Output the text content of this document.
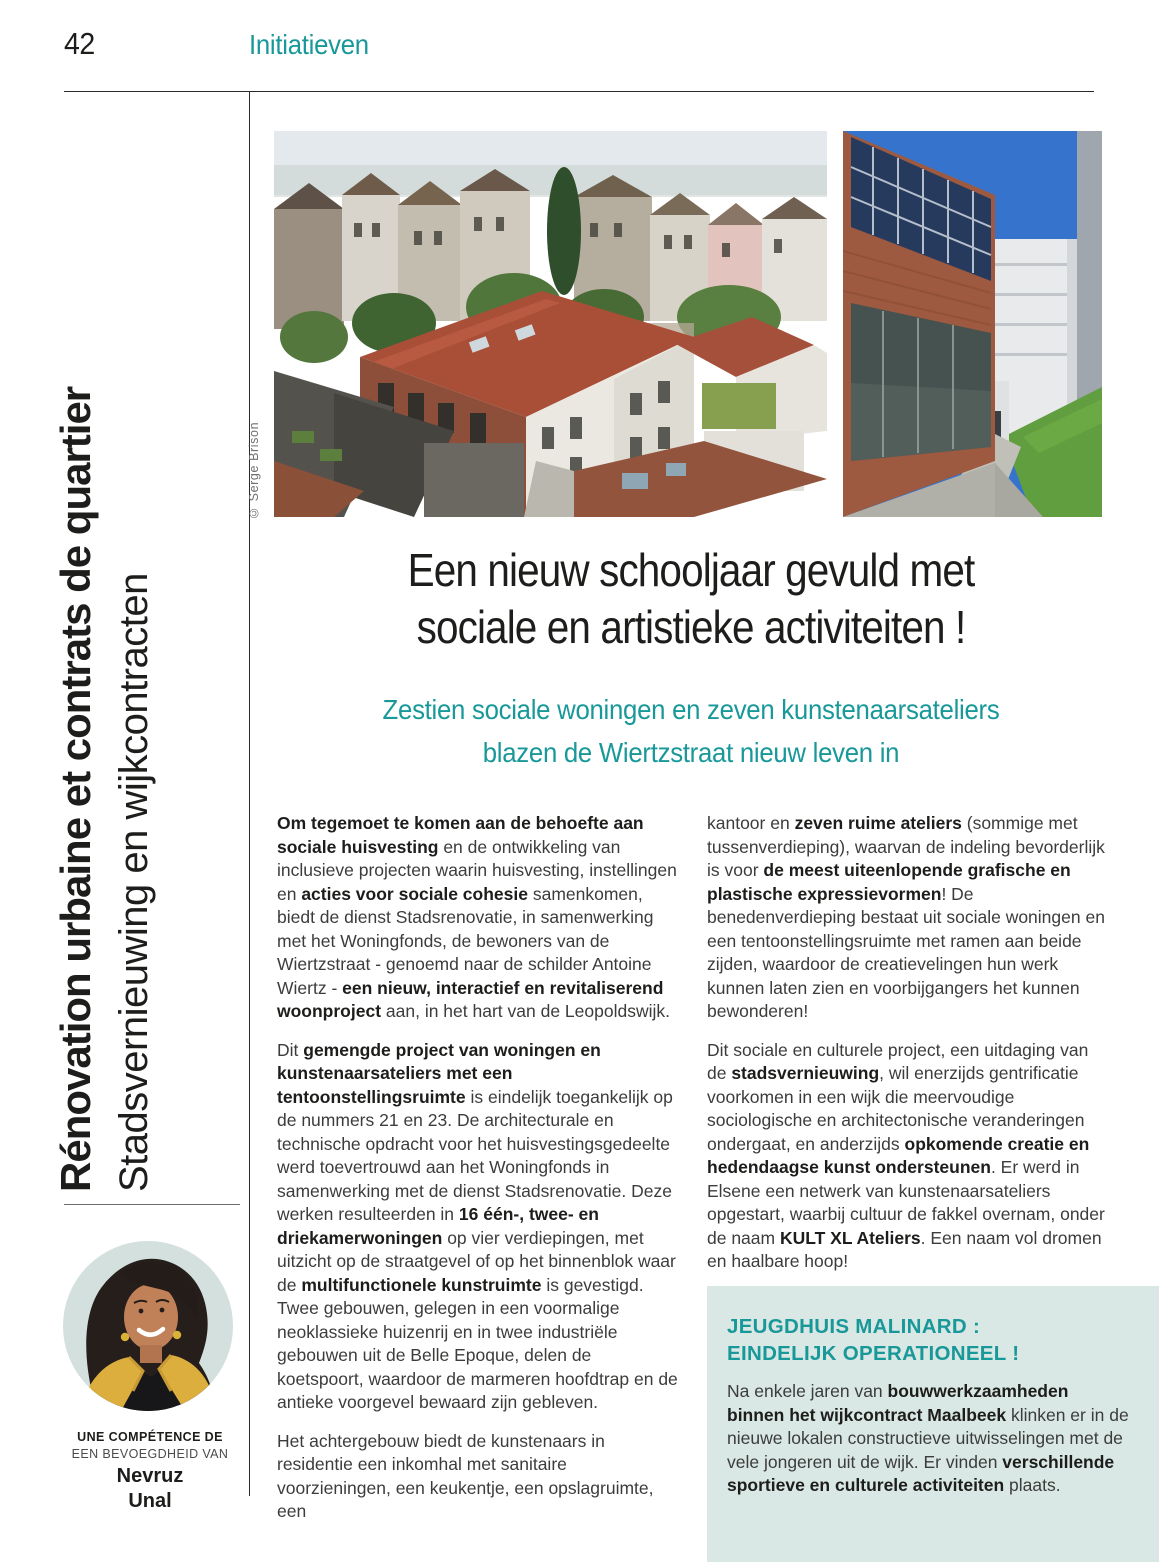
42	Initiatieven
Rénovation urbaine et contrats de quartier Stadsvernieuwing en wijkcontracten
© Serge Brison
Een nieuw schooljaar gevuld met
sociale en artistieke activiteiten !
Zestien sociale woningen en zeven kunstenaarsateliers
blazen de Wiertzstraat nieuw leven in

Om tegemoet te komen aan de behoefte aan sociale huisvesting en de ontwikkeling van inclusieve projecten waarin huisvesting, instellingen en acties voor sociale cohesie samenkomen, biedt de dienst Stadsrenovatie, in samenwerking met het Woningfonds, de bewoners van de Wiertzstraat - genoemd naar de schilder Antoine Wiertz - een nieuw, interactief en revitaliserend woonproject aan, in het hart van de Leopoldswijk.

Dit gemengde project van woningen en kunstenaarsateliers met een tentoonstellingsruimte is eindelijk toegankelijk op de nummers 21 en 23. De architecturale en technische opdracht voor het huisvestingsgedeelte werd toevertrouwd aan het Woningfonds in samenwerking met de dienst Stadsrenovatie. Deze werken resulteerden in 16 één-, twee- en driekamerwoningen op vier verdiepingen, met uitzicht op de straatgevel of op het binnenblok waar de multifunctionele kunstruimte is gevestigd. Twee gebouwen, gelegen in een voormalige neoklassieke huizenrij en in twee industriële gebouwen uit de Belle Epoque, delen de koetspoort, waardoor de marmeren hoofdtrap en de antieke voorgevel bewaard zijn gebleven.

Het achtergebouw biedt de kunstenaars in residentie een inkomhal met sanitaire voorzieningen, een keukentje, een opslagruimte, een

kantoor en zeven ruime ateliers (sommige met tussenverdieping), waarvan de indeling bevorderlijk is voor de meest uiteenlopende grafische en plastische expressievormen! De benedenverdieping bestaat uit sociale woningen en een tentoonstellingsruimte met ramen aan beide zijden, waardoor de creatievelingen hun werk kunnen laten zien en voorbijgangers het kunnen bewonderen!

Dit sociale en culturele project, een uitdaging van de stadsvernieuwing, wil enerzijds gentrificatie voorkomen in een wijk die meervoudige sociologische en architectonische veranderingen ondergaat, en anderzijds opkomende creatie en hedendaagse kunst ondersteunen. Er werd in Elsene een netwerk van kunstenaarsateliers opgestart, waarbij cultuur de fakkel overnam, onder de naam KULT XL Ateliers. Een naam vol dromen en haalbare hoop!

JEUGDHUIS MALINARD :
EINDELIJK OPERATIONEEL !

Na enkele jaren van bouwwerkzaamheden binnen het wijkcontract Maalbeek klinken er in de nieuwe lokalen constructieve uitwisselingen met de vele jongeren uit de wijk. Er vinden verschillende sportieve en culturele activiteiten plaats.

UNE COMPÉTENCE DE
EEN BEVOEGDHEID VAN
Nevruz
Unal
